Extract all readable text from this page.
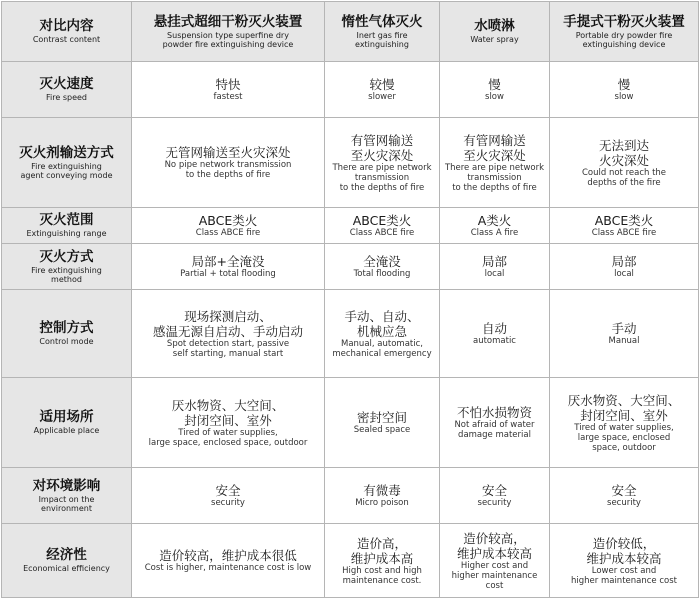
对比内容
Contrast content	悬挂式超细干粉灭火装置
Suspension type superfine dry
powder fire extinguishing device	惰性气体灭火
Inert gas fire
extinguishing	水喷淋
Water spray	手提式干粉灭火装置
Portable dry powder fire
extinguishing device

灭火速度
Fire speed	特快
fastest	较慢
slower	慢
slow	慢
slow

灭火剂输送方式
Fire extinguishing
agent conveying mode	无管网输送至火灾深处
No pipe network transmission
to the depths of fire	有管网输送
至火灾深处
There are pipe network
transmission
to the depths of fire	有管网输送
至火灾深处
There are pipe network
transmission
to the depths of fire	无法到达
火灾深处
Could not reach the
depths of the fire

灭火范围
Extinguishing range	ABCE类火
Class ABCE fire	ABCE类火
Class ABCE fire	A类火
Class A fire	ABCE类火
Class ABCE fire

灭火方式
Fire extinguishing
method	局部+全淹没
Partial + total flooding	全淹没
Total flooding	局部
local	局部
local

控制方式
Control mode	现场探测启动、
感温无源自启动、手动启动
Spot detection start, passive
self starting, manual start	手动、自动、
机械应急
Manual, automatic,
mechanical emergency	自动
automatic	手动
Manual

适用场所
Applicable place	厌水物资、大空间、
封闭空间、室外
Tired of water supplies,
large space, enclosed space, outdoor	密封空间
Sealed space	不怕水损物资
Not afraid of water
damage material	厌水物资、大空间、
封闭空间、室外
Tired of water supplies,
large space, enclosed
space, outdoor

对环境影响
Impact on the
environment	安全
security	有微毒
Micro poison	安全
security	安全
security

经济性
Economical efficiency	造价较高，维护成本很低
Cost is higher, maintenance cost is low	造价高，
维护成本高
High cost and high
maintenance cost.	造价较高，
维护成本较高
Higher cost and
higher maintenance cost	造价较低，
维护成本较高
Lower cost and
higher maintenance cost
